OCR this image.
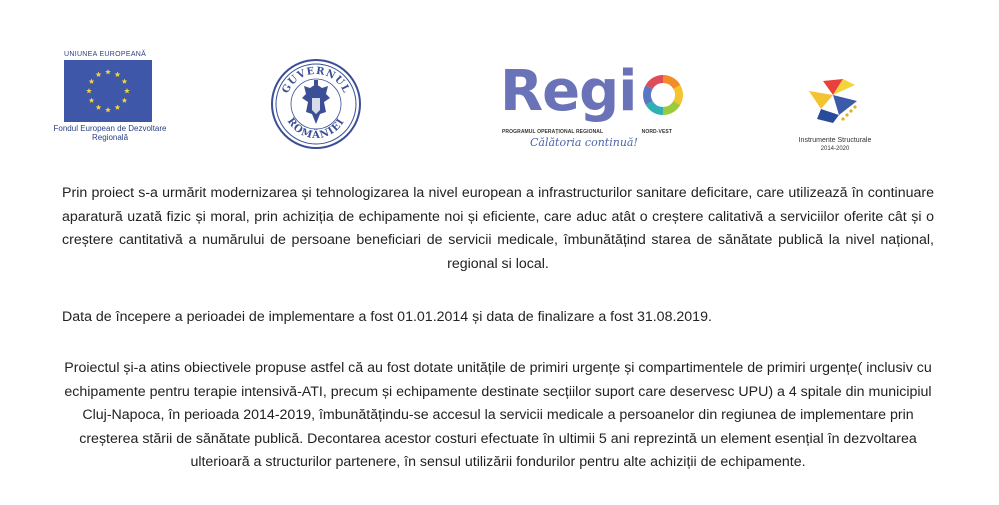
UNIUNEA EUROPEANĂ
Fondul European de Dezvoltare Regională
GUVERNUL
ROMÂNIEI	Regi
PROGRAMUL OPERAȚIONAL REGIONAL	NORD-VEST
Călătoria continuă!	Instrumente Structurale
2014-2020

Prin proiect s-a urmărit modernizarea și tehnologizarea la nivel european a infrastructurilor sanitare deficitare, care utilizează în continuare aparatură uzată fizic și moral, prin achiziția de echipamente noi și eficiente, care aduc atât o creștere calitativă a serviciilor oferite cât și o creștere cantitativă a numărului de persoane beneficiari de servicii medicale, îmbunătățind starea de sănătate publică la nivel național, regional si local.

Data de începere a perioadei de implementare a fost 01.01.2014 și data de finalizare a fost 31.08.2019.

Proiectul și-a atins obiectivele propuse astfel că au fost dotate unitățile de primiri urgențe și compartimentele de primiri urgențe( inclusiv cu echipamente pentru terapie intensivă-ATI, precum și echipamente destinate secțiilor suport care deservesc UPU) a 4 spitale din municipiul Cluj-Napoca, în perioada 2014-2019, îmbunătățindu-se accesul la servicii medicale a persoanelor din regiunea de implementare prin creșterea stării de sănătate publică. Decontarea acestor costuri efectuate în ultimii 5 ani reprezintă un element esențial în dezvoltarea ulterioară a structurilor partenere, în sensul utilizării fondurilor pentru alte achiziții de echipamente.
